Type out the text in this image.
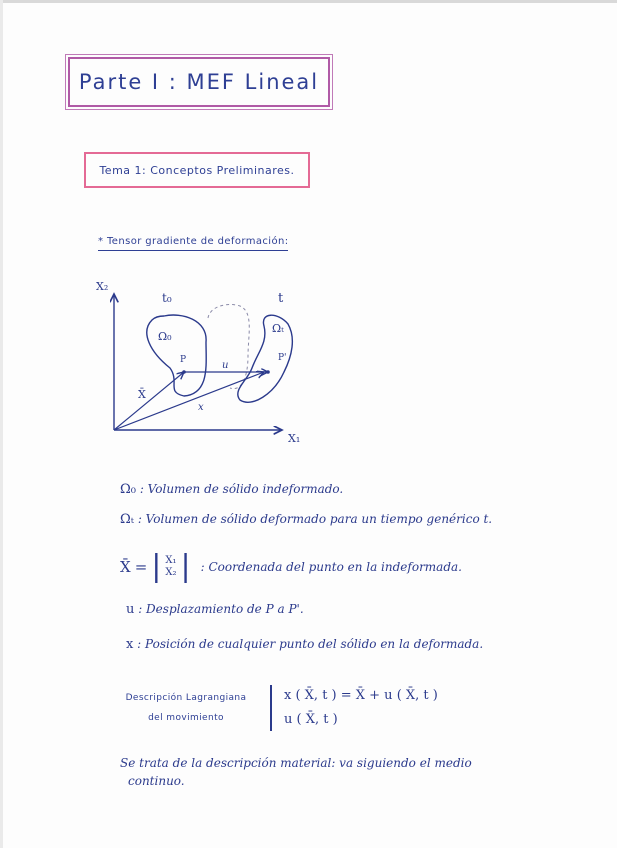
Parte I : MEF Lineal
Tema 1: Conceptos Preliminares.
* Tensor gradiente de deformación:
X₂
X₁
t₀	t
Ω₀
Ωₜ
P	P'
u
X̄
x
Ω₀ : Volumen de sólido indeformado.
Ωₜ : Volumen de sólido deformado para un tiempo genérico t.
X̄ = | X₁
X₂ | : Coordenada del punto en la indeformada.
u : Desplazamiento de P a P'.
x : Posición de cualquier punto del sólido en la deformada.
Descripción Lagrangiana
del movimiento
x ( X̄, t ) = X̄ + u ( X̄, t )
u ( X̄, t )
Se trata de la descripción material: va siguiendo el medio
continuo.
